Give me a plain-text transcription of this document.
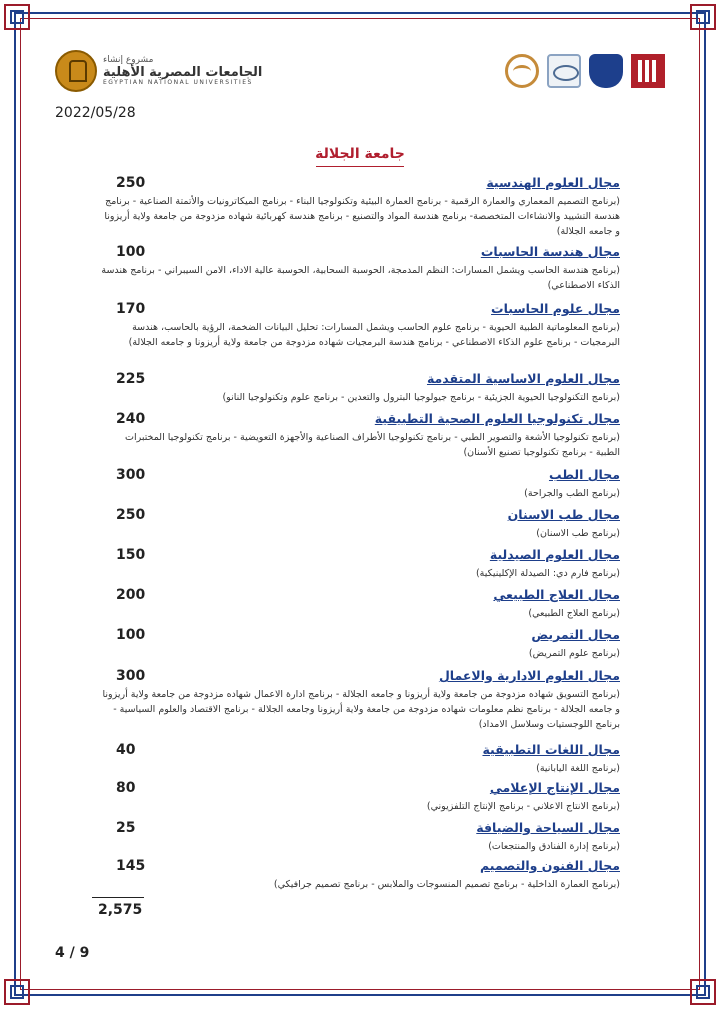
مشروع إنشاء
الجامعات المصرية الأهلية
EGYPTIAN NATIONAL UNIVERSITIES
2022/05/28
جامعة الجلالة
مجال العلوم الهندسية
250
(برنامج التصميم المعماري والعمارة الرقمية - برنامج العمارة البيئية وتكنولوجيا البناء - برنامج الميكاترونيات والأتمتة الصناعية - برنامج هندسة التشييد والانشاءات المتخصصة- برنامج هندسة المواد والتصنيع - برنامج هندسة كهربائية شهاده مزدوجة من جامعة ولاية أريزونا و جامعه الجلالة)
مجال هندسة الحاسبات
100
(برنامج هندسة الحاسب ويشمل المسارات: النظم المدمجة، الحوسبة السحابية، الحوسبة عالية الاداء، الامن السيبراني - برنامج هندسة الذكاء الاصطناعي)
مجال علوم الحاسبات
170
(برنامج المعلوماتية الطبية الحيوية - برنامج علوم الحاسب ويشمل المسارات: تحليل البيانات الضخمة، الرؤية بالحاسب، هندسة البرمجيات - برنامج علوم الذكاء الاصطناعي - برنامج هندسة البرمجيات شهاده مزدوجة من جامعة ولاية أريزونا و جامعه الجلالة)
مجال العلوم الاساسية المتقدمة
225
(برنامج التكنولوجيا الحيوية الجزيئية - برنامج جيولوجيا البترول والتعدين - برنامج علوم وتكنولوجيا النانو)
مجال تكنولوجيا العلوم الصحية التطبيقية
240
(برنامج تكنولوجيا الأشعة والتصوير الطبي - برنامج تكنولوجيا الأطراف الصناعية والأجهزة التعويضية - برنامج تكنولوجيا المختبرات الطبية - برنامج تكنولوجيا تصنيع الأسنان)
مجال الطب
300
(برنامج الطب والجراحة)
مجال طب الاسنان
250
(برنامج طب الاسنان)
مجال العلوم الصيدلية
150
(برنامج فارم دي: الصيدلة الإكلينيكية)
مجال العلاج الطبيعي
200
(برنامج العلاج الطبيعي)
مجال التمريض
100
(برنامج علوم التمريض)
مجال العلوم الادارية والاعمال
300
(برنامج التسويق شهاده مزدوجة من جامعة ولاية أريزونا و جامعه الجلالة - برنامج ادارة الاعمال شهاده مزدوجة من جامعة ولاية أريزونا و جامعه الجلالة - برنامج نظم معلومات شهاده مزدوجة من جامعة ولاية أريزونا وجامعه الجلالة - برنامج الاقتصاد والعلوم السياسية - برنامج اللوجستيات وسلاسل الامداد)
مجال اللغات التطبيقية
40
(برنامج اللغة اليابانية)
مجال الإنتاج الإعلامي
80
(برنامج الانتاج الاعلاني - برنامج الإنتاج التلفزيوني)
مجال السياحة والضيافة
25
(برنامج إدارة الفنادق والمنتجعات)
مجال الفنون والتصميم
145
(برنامج العمارة الداخلية - برنامج تصميم المنسوجات والملابس - برنامج تصميم جرافيكي)
2,575
4 / 9
